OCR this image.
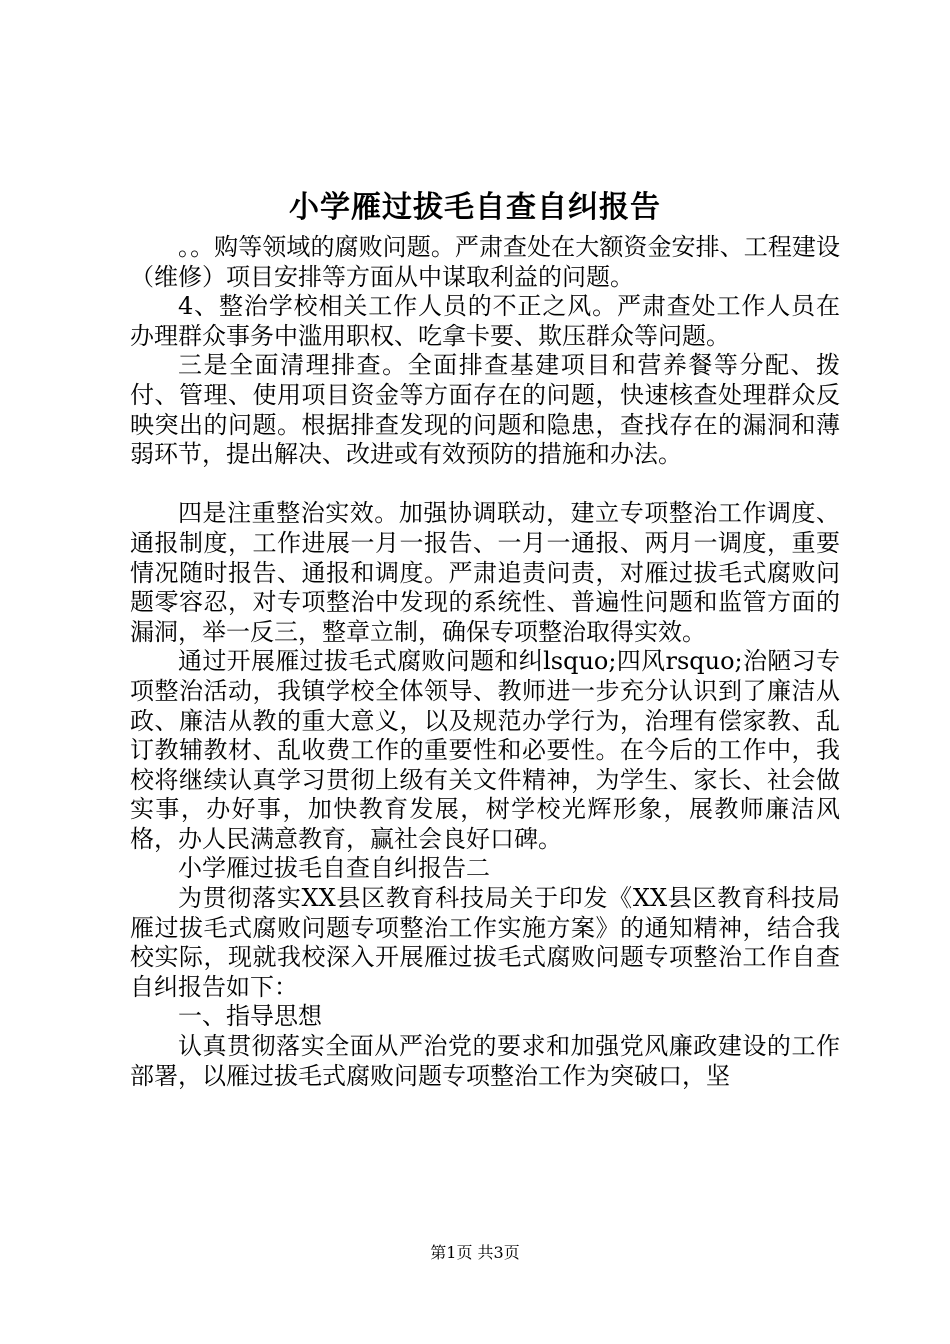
小学雁过拔毛自查自纠报告

。。购等领域的腐败问题。严肃查处在大额资金安排、工程建设（维修）项目安排等方面从中谋取利益的问题。

4、整治学校相关工作人员的不正之风。严肃查处工作人员在办理群众事务中滥用职权、吃拿卡要、欺压群众等问题。

三是全面清理排查。全面排查基建项目和营养餐等分配、拨付、管理、使用项目资金等方面存在的问题，快速核查处理群众反映突出的问题。根据排查发现的问题和隐患，查找存在的漏洞和薄弱环节，提出解决、改进或有效预防的措施和办法。

四是注重整治实效。加强协调联动，建立专项整治工作调度、通报制度，工作进展一月一报告、一月一通报、两月一调度，重要情况随时报告、通报和调度。严肃追责问责，对雁过拔毛式腐败问题零容忍，对专项整治中发现的系统性、普遍性问题和监管方面的漏洞，举一反三，整章立制，确保专项整治取得实效。

通过开展雁过拔毛式腐败问题和纠lsquo;四风rsquo;治陋习专项整治活动，我镇学校全体领导、教师进一步充分认识到了廉洁从政、廉洁从教的重大意义，以及规范办学行为，治理有偿家教、乱订教辅教材、乱收费工作的重要性和必要性。在今后的工作中，我校将继续认真学习贯彻上级有关文件精神，为学生、家长、社会做实事，办好事，加快教育发展，树学校光辉形象，展教师廉洁风格，办人民满意教育，赢社会良好口碑。

小学雁过拔毛自查自纠报告二

为贯彻落实XX县区教育科技局关于印发《XX县区教育科技局雁过拔毛式腐败问题专项整治工作实施方案》的通知精神，结合我校实际，现就我校深入开展雁过拔毛式腐败问题专项整治工作自查自纠报告如下：

一、指导思想

认真贯彻落实全面从严治党的要求和加强党风廉政建设的工作部署，以雁过拔毛式腐败问题专项整治工作为突破口，坚

第1页 共3页
